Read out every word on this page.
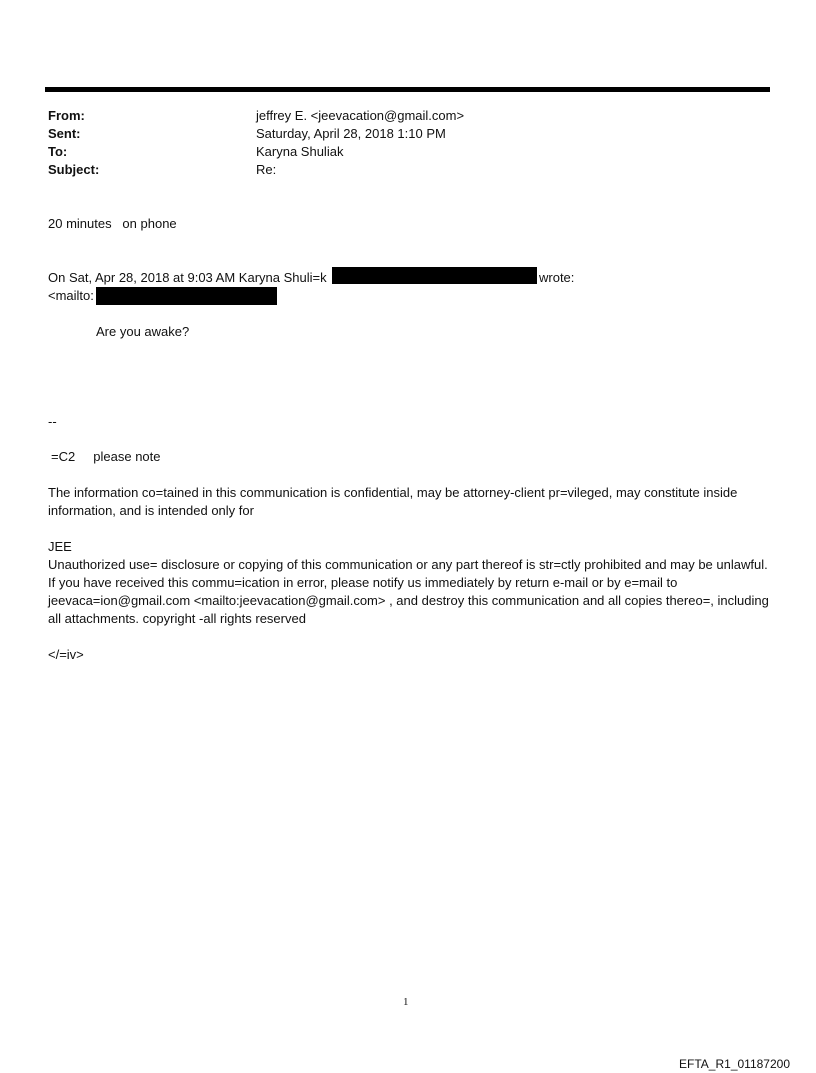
From:	jeffrey E. <jeevacation@gmail.com>
Sent:	Saturday, April 28, 2018 1:10 PM
To:	Karyna Shuliak
Subject:	Re:
20 minutes   on phone
On Sat, Apr 28, 2018 at 9:03 AM Karyna Shuli=k	wrote:
<mailto:
Are you awake?
--
=C2     please note
The information co=tained in this communication is confidential, may be attorney-client pr=vileged, may constitute inside information, and is intended only for
JEE
Unauthorized use= disclosure or copying of this communication or any part thereof is str=ctly prohibited and may be unlawful. If you have received this commu=ication in error, please notify us immediately by return e-mail or by e=mail to jeevaca=ion@gmail.com <mailto:jeevacation@gmail.com> , and destroy this communication and all copies thereo=, including all attachments. copyright -all rights reserved
</=iv>
1
EFTA_R1_01187200
